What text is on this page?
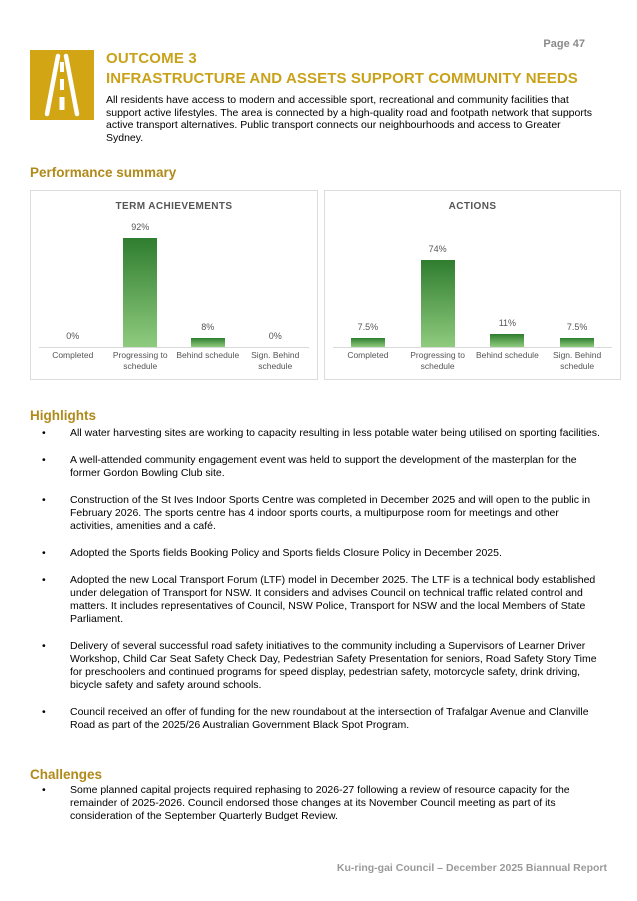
Page 47
OUTCOME 3
INFRASTRUCTURE AND ASSETS SUPPORT COMMUNITY NEEDS
All residents have access to modern and accessible sport, recreational and community facilities that support active lifestyles. The area is connected by a high-quality road and footpath network that supports active transport alternatives. Public transport connects our neighbourhoods and access to Greater Sydney.
Performance summary
TERM ACHIEVEMENTS
0%
Completed
92%
Progressing to schedule
8%
Behind schedule
0%
Sign. Behind schedule
ACTIONS
7.5%
Completed
74%
Progressing to schedule
11%
Behind schedule
7.5%
Sign. Behind schedule
Highlights
• All water harvesting sites are working to capacity resulting in less potable water being utilised on sporting facilities.
• A well-attended community engagement event was held to support the development of the masterplan for the former Gordon Bowling Club site.
• Construction of the St Ives Indoor Sports Centre was completed in December 2025 and will open to the public in February 2026. The sports centre has 4 indoor sports courts, a multipurpose room for meetings and other activities, amenities and a café.
• Adopted the Sports fields Booking Policy and Sports fields Closure Policy in December 2025.
• Adopted the new Local Transport Forum (LTF) model in December 2025. The LTF is a technical body established under delegation of Transport for NSW. It considers and advises Council on technical traffic related control and matters. It includes representatives of Council, NSW Police, Transport for NSW and the local Members of State Parliament.
• Delivery of several successful road safety initiatives to the community including a Supervisors of Learner Driver Workshop, Child Car Seat Safety Check Day, Pedestrian Safety Presentation for seniors, Road Safety Story Time for preschoolers and continued programs for speed display, pedestrian safety, motorcycle safety, drink driving, bicycle safety and safety around schools.
• Council received an offer of funding for the new roundabout at the intersection of Trafalgar Avenue and Clanville Road as part of the 2025/26 Australian Government Black Spot Program.
Challenges
• Some planned capital projects required rephasing to 2026-27 following a review of resource capacity for the remainder of 2025-2026. Council endorsed those changes at its November Council meeting as part of its consideration of the September Quarterly Budget Review.
Ku-ring-gai Council – December 2025 Biannual Report
